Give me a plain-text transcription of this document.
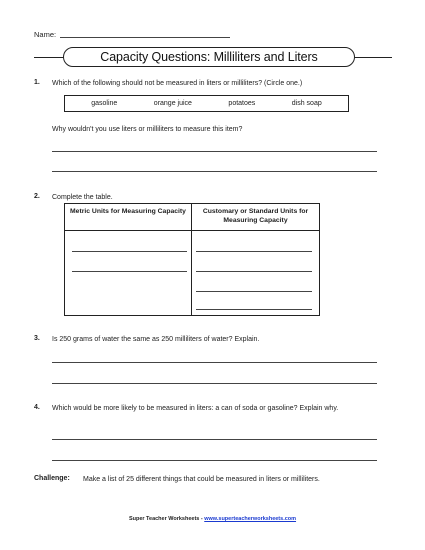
Name:
Capacity Questions: Milliliters and Liters
1. Which of the following should not be measured in liters or milliliters? (Circle one.)
gasoline	orange juice	potatoes	dish soap
Why wouldn't you use liters or milliliters to measure this item?
2. Complete the table.
Metric Units for Measuring Capacity	Customary or Standard Units for Measuring Capacity
3. Is 250 grams of water the same as 250 milliliters of water? Explain.
4. Which would be more likely to be measured in liters: a can of soda or gasoline? Explain why.
Challenge: Make a list of 25 different things that could be measured in liters or milliliters.
Super Teacher Worksheets - www.superteacherworksheets.com
